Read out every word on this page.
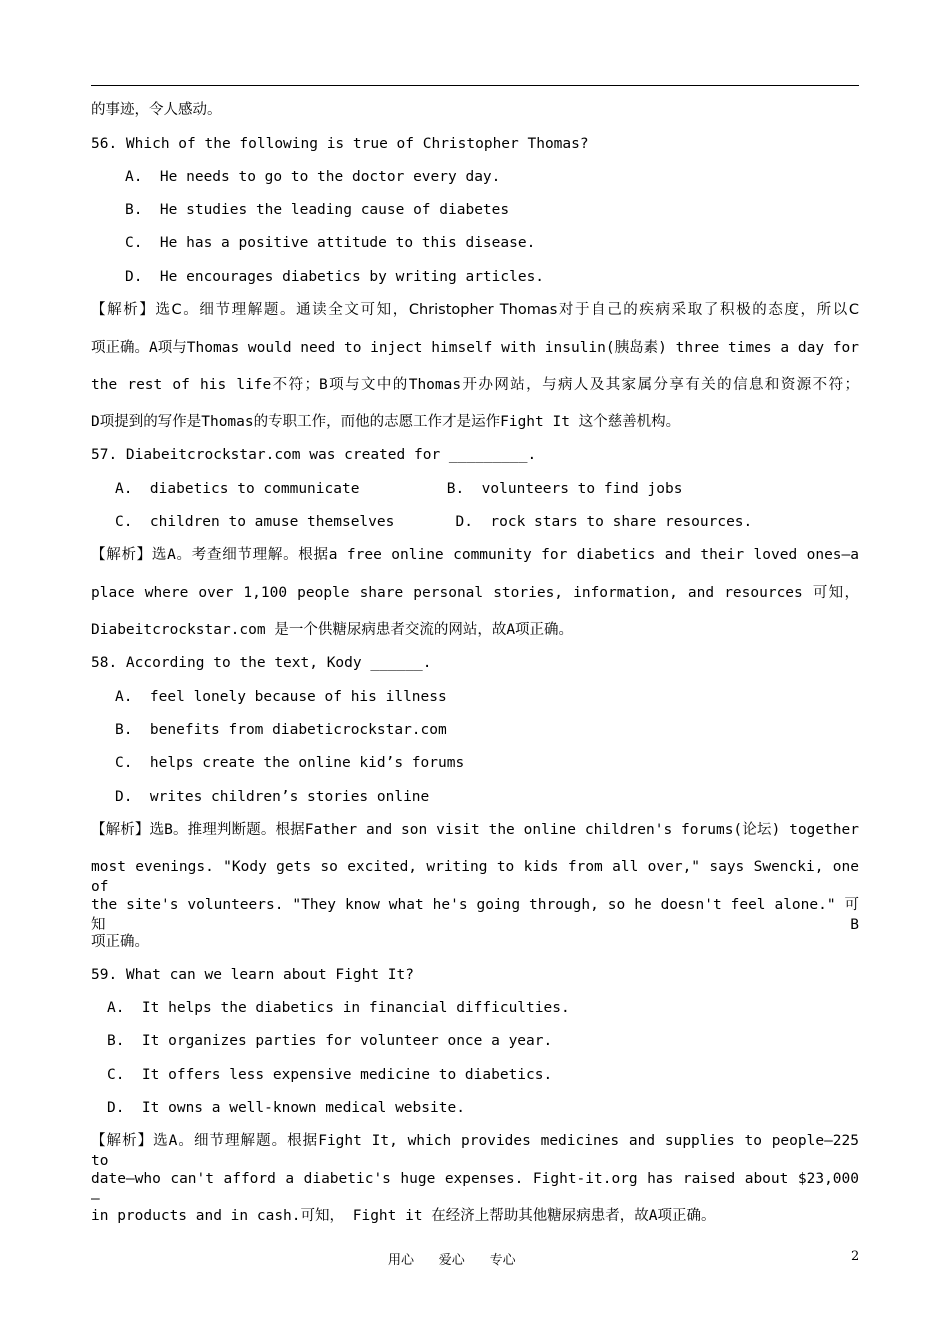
的事迹，令人感动。
56. Which of the following is true of Christopher Thomas?
A.  He needs to go to the doctor every day.
B.  He studies the leading cause of diabetes
C.  He has a positive attitude to this disease.
D.  He encourages diabetics by writing articles.
【解析】选C。细节理解题。通读全文可知，Christopher Thomas对于自己的疾病采取了积极的态度，所以C
项正确。A项与Thomas would need to inject himself with insulin(胰岛素) three times a day for
the rest of his life不符；B项与文中的Thomas开办网站，与病人及其家属分享有关的信息和资源不符；
D项提到的写作是Thomas的专职工作，而他的志愿工作才是运作Fight It 这个慈善机构。
57. Diabeitcrockstar.com was created for _________.
A.  diabetics to communicate          B.  volunteers to find jobs
C.  children to amuse themselves       D.  rock stars to share resources.
【解析】选A。考查细节理解。根据a free online community for diabetics and their loved ones—a
place where over 1,100 people share personal stories, information, and resources 可知，
Diabeitcrockstar.com 是一个供糖尿病患者交流的网站，故A项正确。
58. According to the text, Kody ______.
A.  feel lonely because of his illness
B.  benefits from diabeticrockstar.com
C.  helps create the online kid’s forums
D.  writes children’s stories online
【解析】选B。推理判断题。根据Father and son visit the online children's forums(论坛) together
most evenings. "Kody gets so excited, writing to kids from all over," says Swencki, one of
the site's volunteers. "They know what he's going through, so he doesn't feel alone." 可知B
项正确。
59. What can we learn about Fight It?
A.  It helps the diabetics in financial difficulties.
B.  It organizes parties for volunteer once a year.
C.  It offers less expensive medicine to diabetics.
D.  It owns a well-known medical website.
【解析】选A。细节理解题。根据Fight It, which provides medicines and supplies to people—225 to
date—who can't afford a diabetic's huge expenses. Fight-it.org has raised about $23,000—
in products and in cash.可知， Fight it 在经济上帮助其他糖尿病患者，故A项正确。
用心      爱心      专心	2
